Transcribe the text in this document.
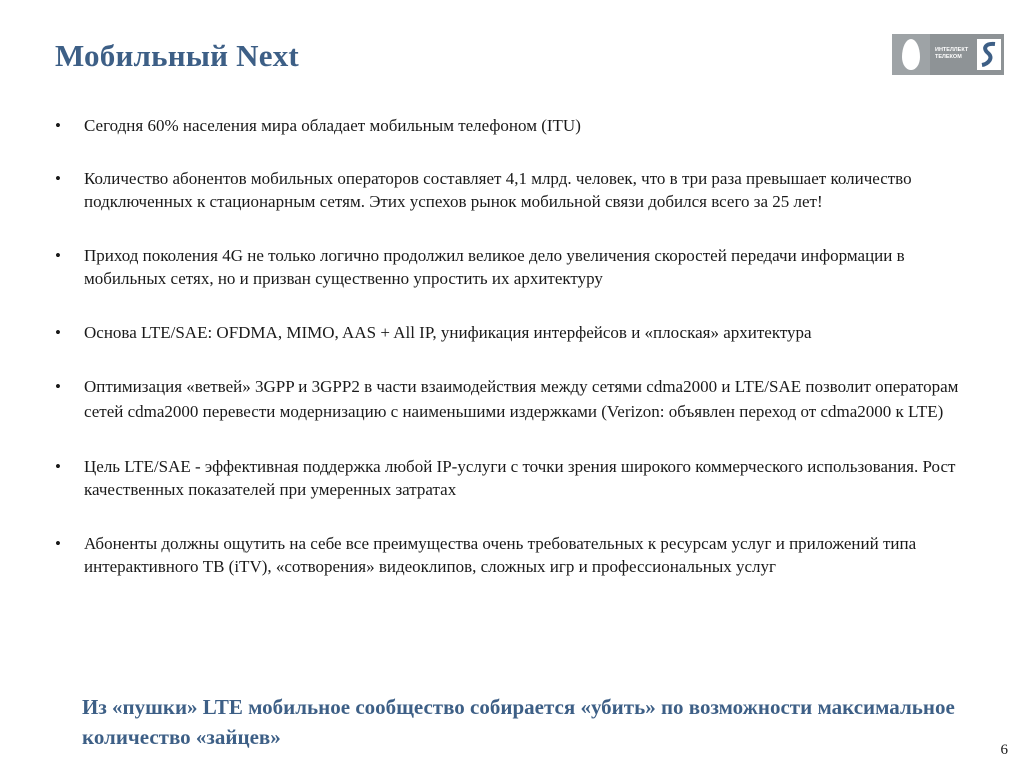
Мобильный Next	ИНТЕЛЛЕКТ
ТЕЛЕКОМ
• Сегодня 60% населения мира обладает мобильным телефоном (ITU)
• Количество абонентов мобильных операторов составляет 4,1 млрд. человек, что в три раза превышает количество подключенных к стационарным сетям. Этих успехов рынок мобильной связи добился всего за 25 лет!
• Приход поколения 4G не только логично продолжил великое дело увеличения скоростей передачи информации в мобильных сетях, но и призван существенно упростить их архитектуру
• Основа LTE/SAE: OFDMA, MIMO, AAS + All IP, унификация интерфейсов и «плоская» архитектура
• Оптимизация «ветвей» 3GPP и 3GPP2 в части взаимодействия между сетями cdma2000 и LTE/SAE позволит операторам сетей cdma2000 перевести модернизацию с наименьшими издержками (Verizon: объявлен переход от cdma2000 к LTE)
• Цель LTE/SAE - эффективная поддержка любой IP-услуги с точки зрения широкого коммерческого использования. Рост качественных показателей при умеренных затратах
• Абоненты должны ощутить на себе все преимущества очень требовательных к ресурсам услуг и приложений типа интерактивного ТВ (iTV), «сотворения» видеоклипов, сложных игр и профессиональных услуг

Из «пушки» LTE мобильное сообщество собирается «убить» по возможности максимальное количество «зайцев»

6
